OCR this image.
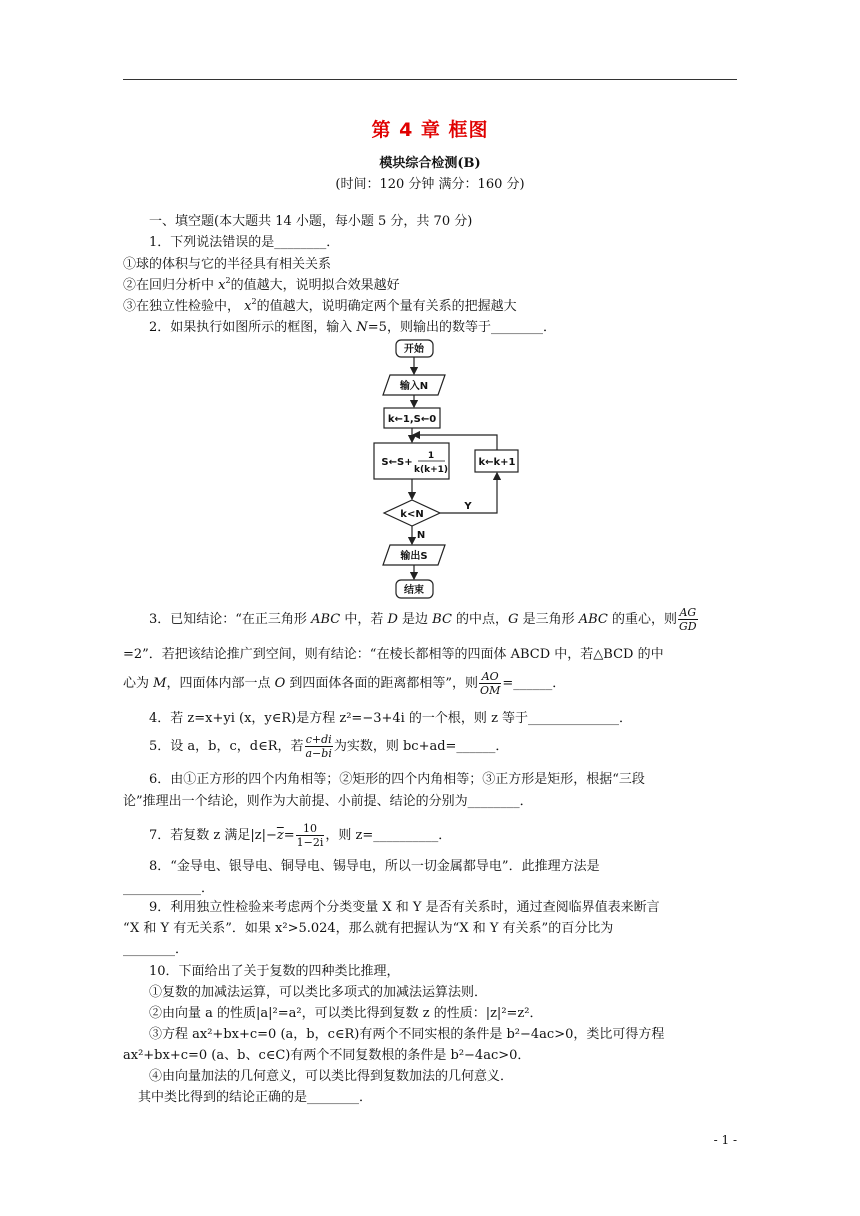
第 4 章 框图
模块综合检测(B)
(时间：120 分钟 满分：160 分)
一、填空题(本大题共 14 小题，每小题 5 分，共 70 分)
1．下列说法错误的是________．
①球的体积与它的半径具有相关关系
②在回归分析中 $x^2$的值越大，说明拟合效果越好
③在独立性检验中， $x^2$的值越大，说明确定两个量有关系的把握越大
2．如果执行如图所示的框图，输入 N=5，则输出的数等于________．
开始
输入N
k←1,S←0
S←S+
1
k(k+1)
k←k+1
k<N
Y
N
输出S
结束
3．已知结论：“在正三角形 ABC 中，若 D 是边 BC 的中点，G 是三角形 ABC 的重心，则 $\frac{AG}{GD}$
=2”．若把该结论推广到空间，则有结论：“在棱长都相等的四面体 ABCD 中，若△BCD 的中
心为 M，四面体内部一点 O 到四面体各面的距离都相等”，则 $\frac{AO}{OM}$ =______．
4．若 z=x+yi (x，y∈R)是方程 z²=−3+4i 的一个根，则 z 等于______________．
5．设 a，b，c，d∈R，若 $\frac{c+di}{a-bi}$ 为实数，则 bc+ad=______．
6．由①正方形的四个内角相等；②矩形的四个内角相等；③正方形是矩形，根据“三段
论”推理出一个结论，则作为大前提、小前提、结论的分别为________．
7．若复数 z 满足$|z|-\overline{z}= \frac{10}{1-2i}$ ，则 z=__________．
8．“金导电、银导电、铜导电、锡导电，所以一切金属都导电”．此推理方法是
____________．
9．利用独立性检验来考虑两个分类变量 X 和 Y 是否有关系时，通过查阅临界值表来断言
“X 和 Y 有无关系”．如果 x²>5.024，那么就有把握认为“X 和 Y 有关系”的百分比为
________．
10．下面给出了关于复数的四种类比推理，
①复数的加减法运算，可以类比多项式的加减法运算法则．
②由向量 a 的性质|a|²=a²，可以类比得到复数 z 的性质：|z|²=z²．
③方程 ax²+bx+c=0 (a，b，c∈R)有两个不同实根的条件是 b²−4ac>0，类比可得方程
ax²+bx+c=0 (a、b、c∈C)有两个不同复数根的条件是 b²−4ac>0．
④由向量加法的几何意义，可以类比得到复数加法的几何意义．
其中类比得到的结论正确的是________．
- 1 -
